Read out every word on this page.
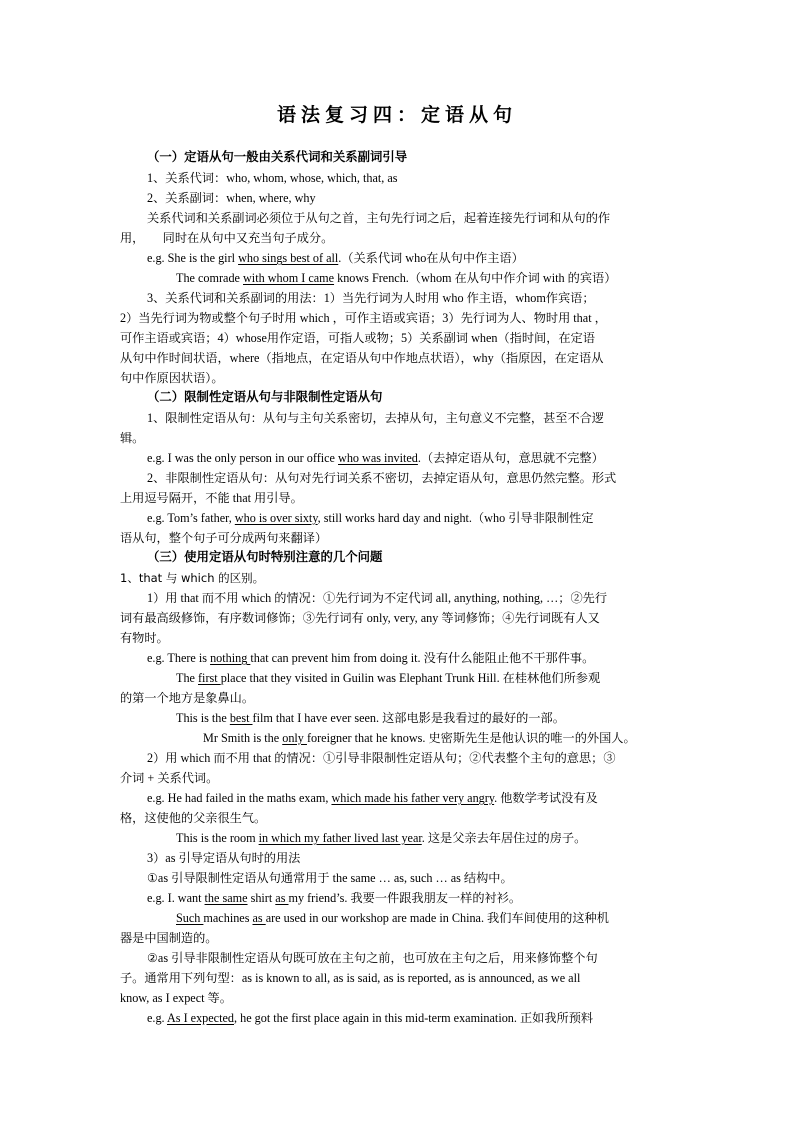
语法复习四：定语从句
（一）定语从句一般由关系代词和关系副词引导
1、关系代词：who, whom, whose, which, that, as
2、关系副词：when, where, why
关系代词和关系副词必须位于从句之首，主句先行词之后，起着连接先行词和从句的作
用，　　同时在从句中又充当句子成分。
e.g. She is the girl who sings best of all.（关系代词 who在从句中作主语）
The comrade with whom I came knows French.（whom 在从句中作介词 with 的宾语）
3、关系代词和关系副词的用法：1）当先行词为人时用 who 作主语，whom作宾语；
2）当先行词为物或整个句子时用 which ，可作主语或宾语；3）先行词为人、物时用 that ，
可作主语或宾语；4）whose用作定语，可指人或物；5）关系副词 when（指时间，在定语
从句中作时间状语，where（指地点，在定语从句中作地点状语），why（指原因，在定语从
句中作原因状语）。
（二）限制性定语从句与非限制性定语从句
1、限制性定语从句：从句与主句关系密切，去掉从句，主句意义不完整，甚至不合逻
辑。
e.g. I was the only person in our office who was invited.（去掉定语从句，意思就不完整）
2、非限制性定语从句：从句对先行词关系不密切，去掉定语从句，意思仍然完整。形式
上用逗号隔开，不能 that 用引导。
e.g. Tom’s father, who is over sixty, still works hard day and night.（who 引导非限制性定
语从句，整个句子可分成两句来翻译）
（三）使用定语从句时特别注意的几个问题
1、that 与 which 的区别。
1）用 that 而不用 which 的情况：①先行词为不定代词 all, anything, nothing, …；②先行
词有最高级修饰，有序数词修饰；③先行词有 only, very, any 等词修饰；④先行词既有人又
有物时。
e.g. There is nothing that can prevent him from doing it. 没有什么能阻止他不干那件事。
The first place that they visited in Guilin was Elephant Trunk Hill. 在桂林他们所参观
的第一个地方是象鼻山。
This is the best film that I have ever seen. 这部电影是我看过的最好的一部。
Mr Smith is the only foreigner that he knows. 史密斯先生是他认识的唯一的外国人。
2）用 which 而不用 that 的情况：①引导非限制性定语从句；②代表整个主句的意思；③
介词 + 关系代词。
e.g. He had failed in the maths exam, which made his father very angry. 他数学考试没有及
格，这使他的父亲很生气。
This is the room in which my father lived last year. 这是父亲去年居住过的房子。
3）as 引导定语从句时的用法
①as 引导限制性定语从句通常用于 the same … as, such … as 结构中。
e.g. I. want the same shirt as my friend’s. 我要一件跟我朋友一样的衬衫。
Such machines as are used in our workshop are made in China. 我们车间使用的这种机
器是中国制造的。
②as 引导非限制性定语从句既可放在主句之前，也可放在主句之后，用来修饰整个句
子。通常用下列句型：as is known to all, as is said, as is reported, as is announced, as we all
know, as I expect 等。
e.g. As I expected, he got the first place again in this mid-term examination. 正如我所预料
